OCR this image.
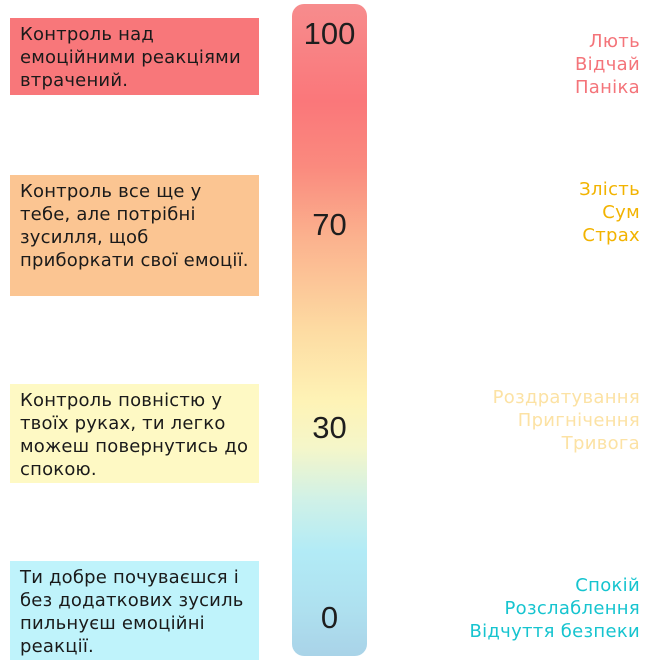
Контроль над емоційними реакціями втрачений.
Контроль все ще у тебе, але потрібні зусилля, щоб приборкати свої емоції.
Контроль повністю у твоїх руках, ти легко можеш повернутись до спокою.
Ти добре почуваєшся і без додаткових зусиль пильнуєш емоційні реакції.
100
70
30
0
Лють
Відчай
Паніка
Злість
Сум
Страх
Роздратування
Пригнічення
Тривога
Спокій
Розслаблення
Відчуття безпеки
